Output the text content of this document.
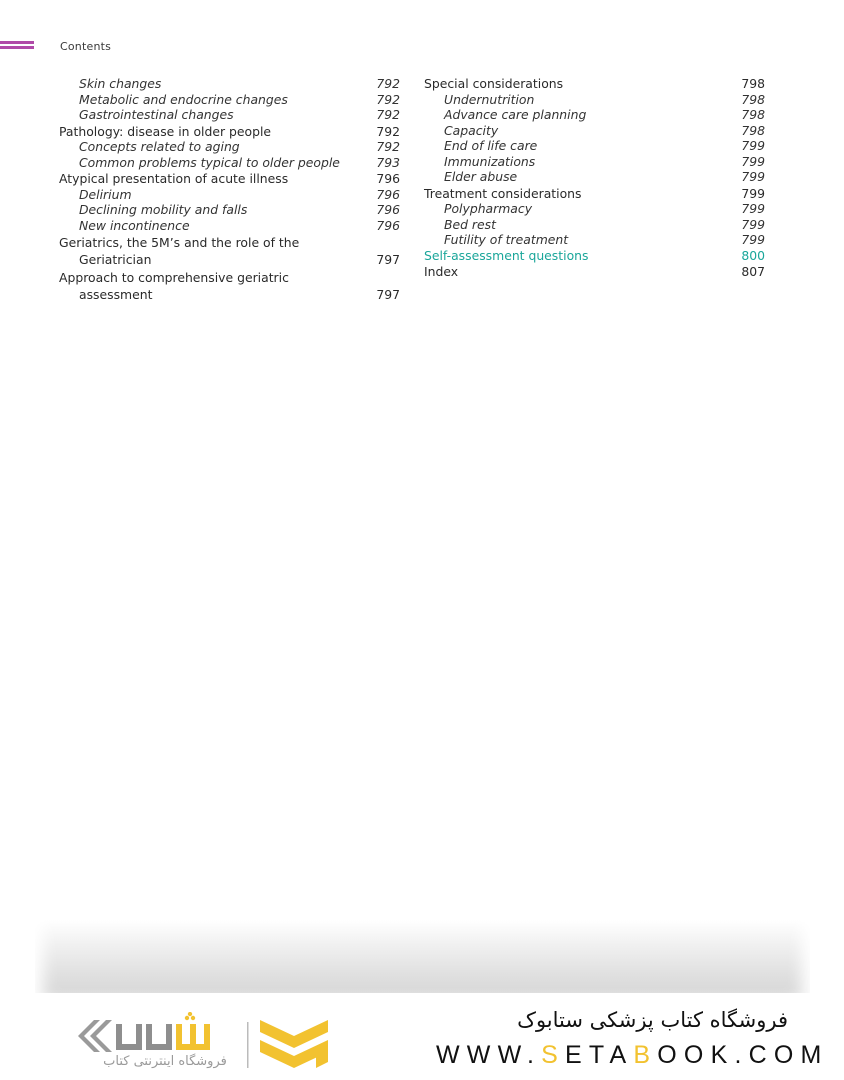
Contents
Skin changes	792
Metabolic and endocrine changes	792
Gastrointestinal changes	792
Pathology: disease in older people	792
Concepts related to aging	792
Common problems typical to older people	793
Atypical presentation of acute illness	796
Delirium	796
Declining mobility and falls	796
New incontinence	796
Geriatrics, the 5M’s and the role of the Geriatrician	797
Approach to comprehensive geriatric assessment	797
Special considerations	798
Undernutrition	798
Advance care planning	798
Capacity	798
End of life care	799
Immunizations	799
Elder abuse	799
Treatment considerations	799
Polypharmacy	799
Bed rest	799
Futility of treatment	799
Self-assessment questions	800
Index	807
فروشگاه اینترنتی کتاب
فروشگاه کتاب پزشکی ستابوک
WWW.SETABOOK.COM
